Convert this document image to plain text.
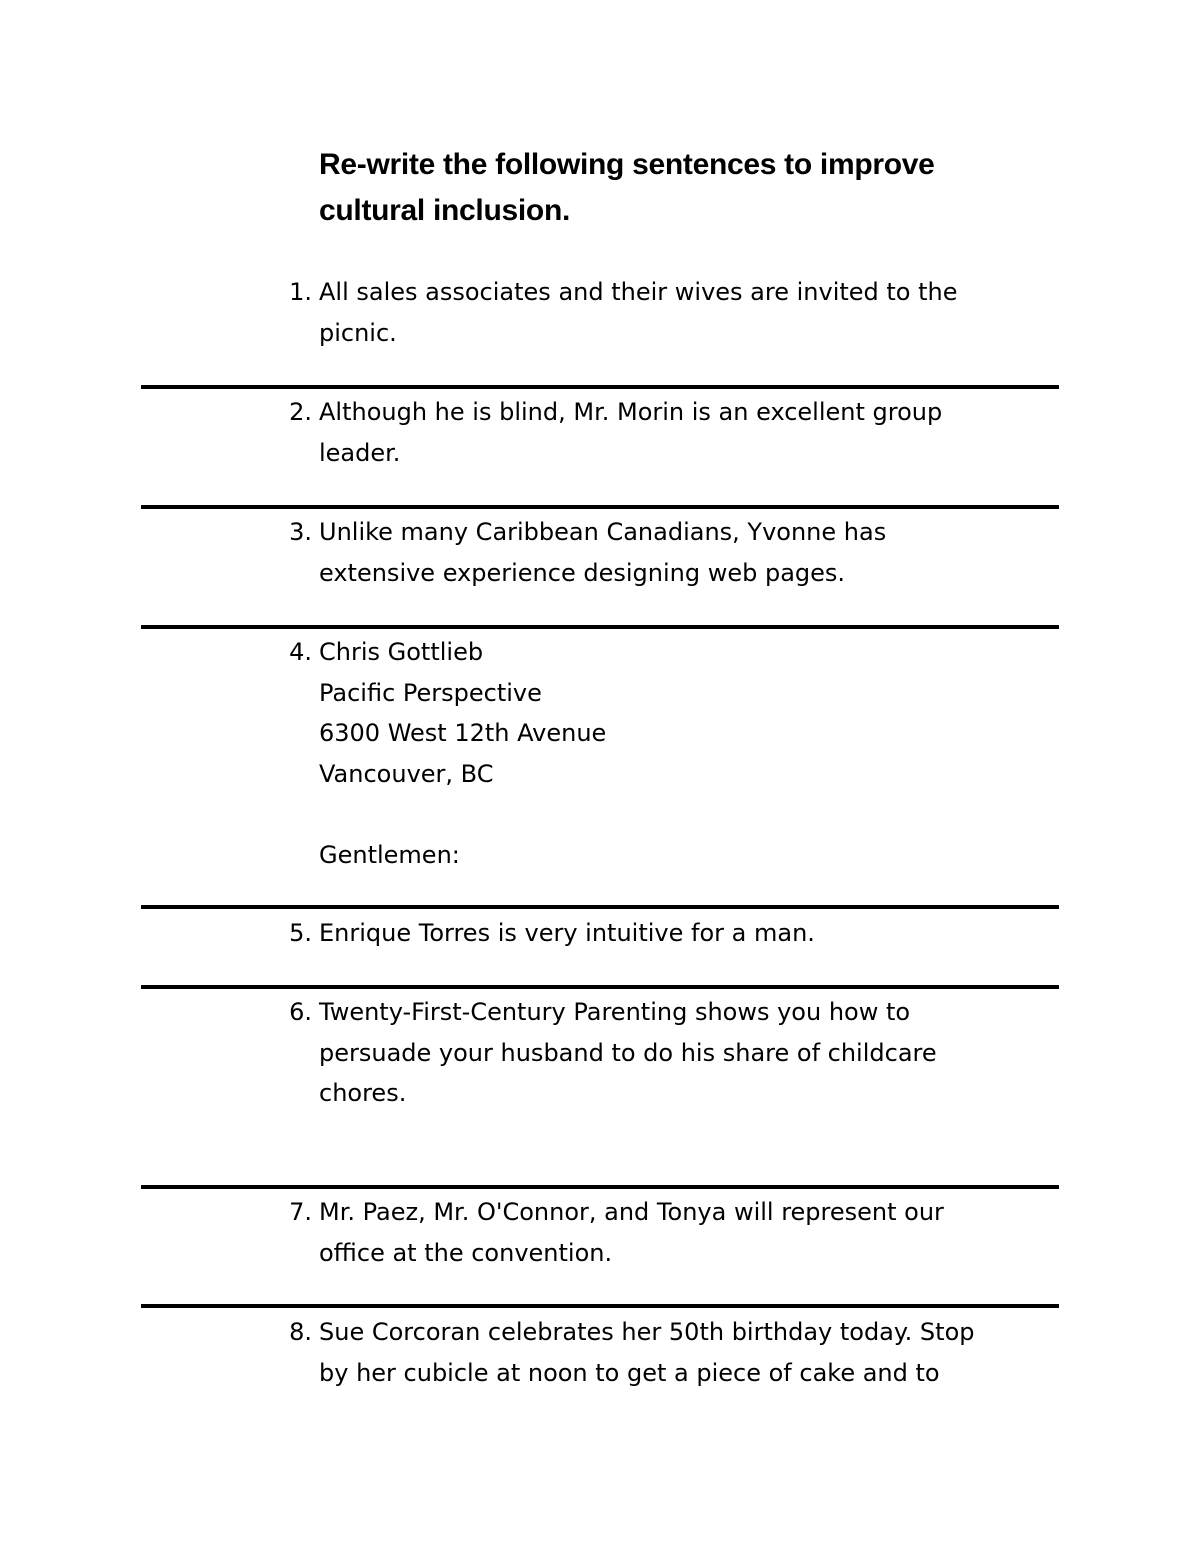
Re-write the following sentences to improve cultural inclusion.
1. All sales associates and their wives are invited to the
picnic.
2. Although he is blind, Mr. Morin is an excellent group
leader.
3. Unlike many Caribbean Canadians, Yvonne has
extensive experience designing web pages.
4. Chris Gottlieb
Pacific Perspective
6300 West 12th Avenue
Vancouver, BC

Gentlemen:
5. Enrique Torres is very intuitive for a man.
6. Twenty-First-Century Parenting shows you how to
persuade your husband to do his share of childcare
chores.
7. Mr. Paez, Mr. O'Connor, and Tonya will represent our
office at the convention.
8. Sue Corcoran celebrates her 50th birthday today. Stop
by her cubicle at noon to get a piece of cake and to
